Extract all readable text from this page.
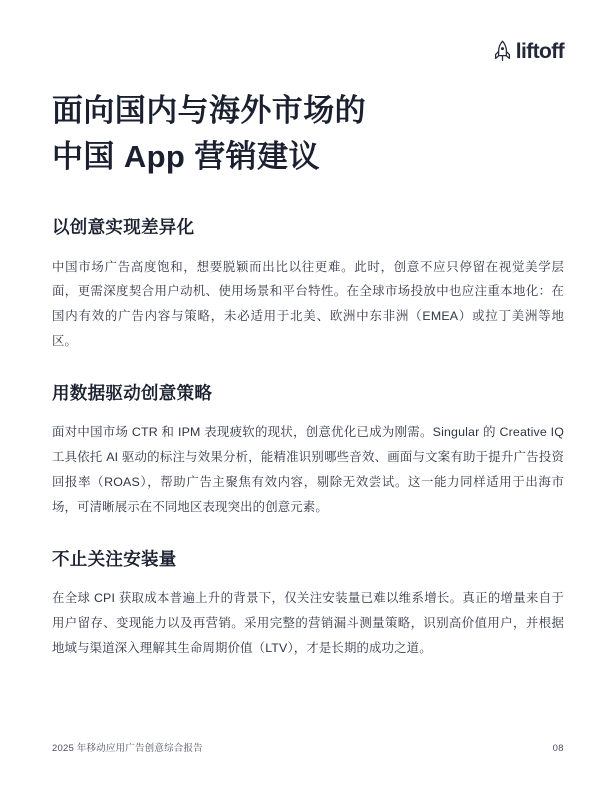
liftoff
面向国内与海外市场的
中国 App 营销建议
以创意实现差异化

中国市场广告高度饱和，想要脱颖而出比以往更难。此时，创意不应只停留在视觉美学层面，更需深度契合用户动机、使用场景和平台特性。在全球市场投放中也应注重本地化：在国内有效的广告内容与策略，未必适用于北美、欧洲中东非洲（EMEA）或拉丁美洲等地区。

用数据驱动创意策略

面对中国市场 CTR 和 IPM 表现疲软的现状，创意优化已成为刚需。Singular 的 Creative IQ 工具依托 AI 驱动的标注与效果分析，能精准识别哪些音效、画面与文案有助于提升广告投资回报率（ROAS），帮助广告主聚焦有效内容，剔除无效尝试。这一能力同样适用于出海市场，可清晰展示在不同地区表现突出的创意元素。

不止关注安装量

在全球 CPI 获取成本普遍上升的背景下，仅关注安装量已难以维系增长。真正的增量来自于用户留存、变现能力以及再营销。采用完整的营销漏斗测量策略，识别高价值用户，并根据地域与渠道深入理解其生命周期价值（LTV），才是长期的成功之道。

2025 年移动应用广告创意综合报告	08
